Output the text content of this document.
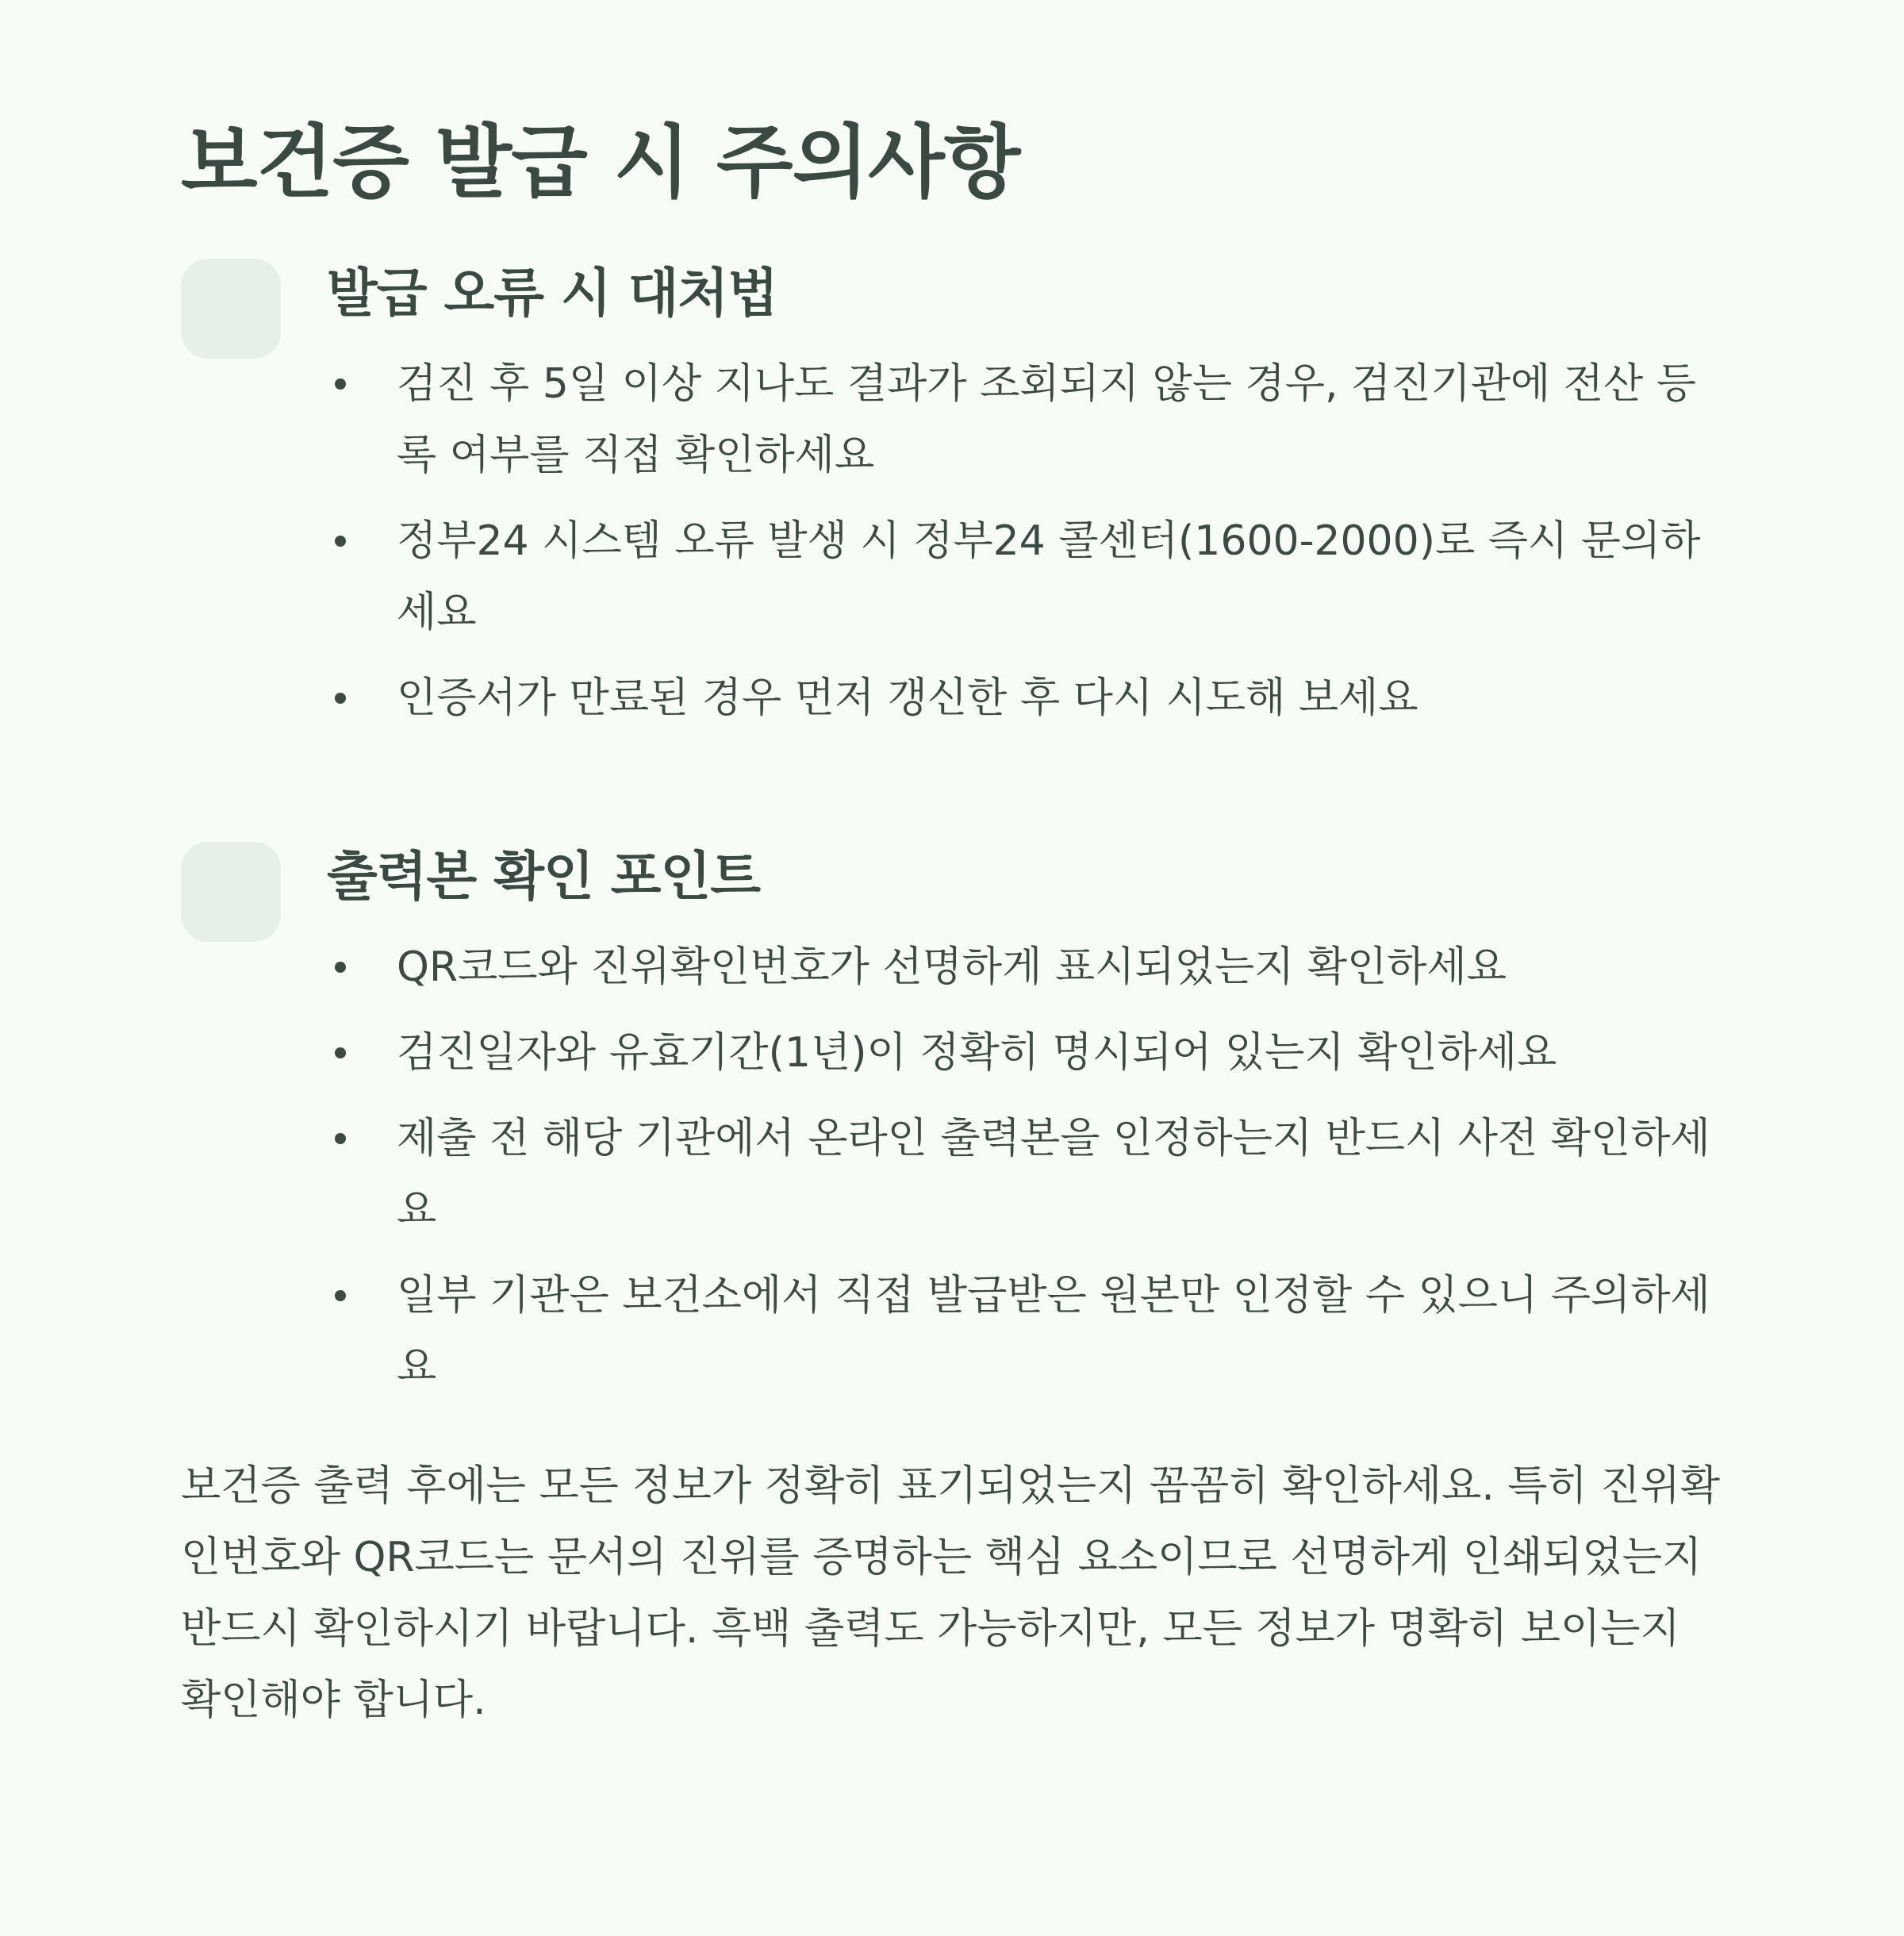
보건증 발급 시 주의사항
발급 오류 시 대처법
검진 후 5일 이상 지나도 결과가 조회되지 않는 경우, 검진기관에 전산 등록 여부를 직접 확인하세요
정부24 시스템 오류 발생 시 정부24 콜센터(1600-2000)로 즉시 문의하세요
인증서가 만료된 경우 먼저 갱신한 후 다시 시도해 보세요
출력본 확인 포인트
QR코드와 진위확인번호가 선명하게 표시되었는지 확인하세요
검진일자와 유효기간(1년)이 정확히 명시되어 있는지 확인하세요
제출 전 해당 기관에서 온라인 출력본을 인정하는지 반드시 사전 확인하세요
일부 기관은 보건소에서 직접 발급받은 원본만 인정할 수 있으니 주의하세요

보건증 출력 후에는 모든 정보가 정확히 표기되었는지 꼼꼼히 확인하세요. 특히 진위확인번호와 QR코드는 문서의 진위를 증명하는 핵심 요소이므로 선명하게 인쇄되었는지 반드시 확인하시기 바랍니다. 흑백 출력도 가능하지만, 모든 정보가 명확히 보이는지 확인해야 합니다.
